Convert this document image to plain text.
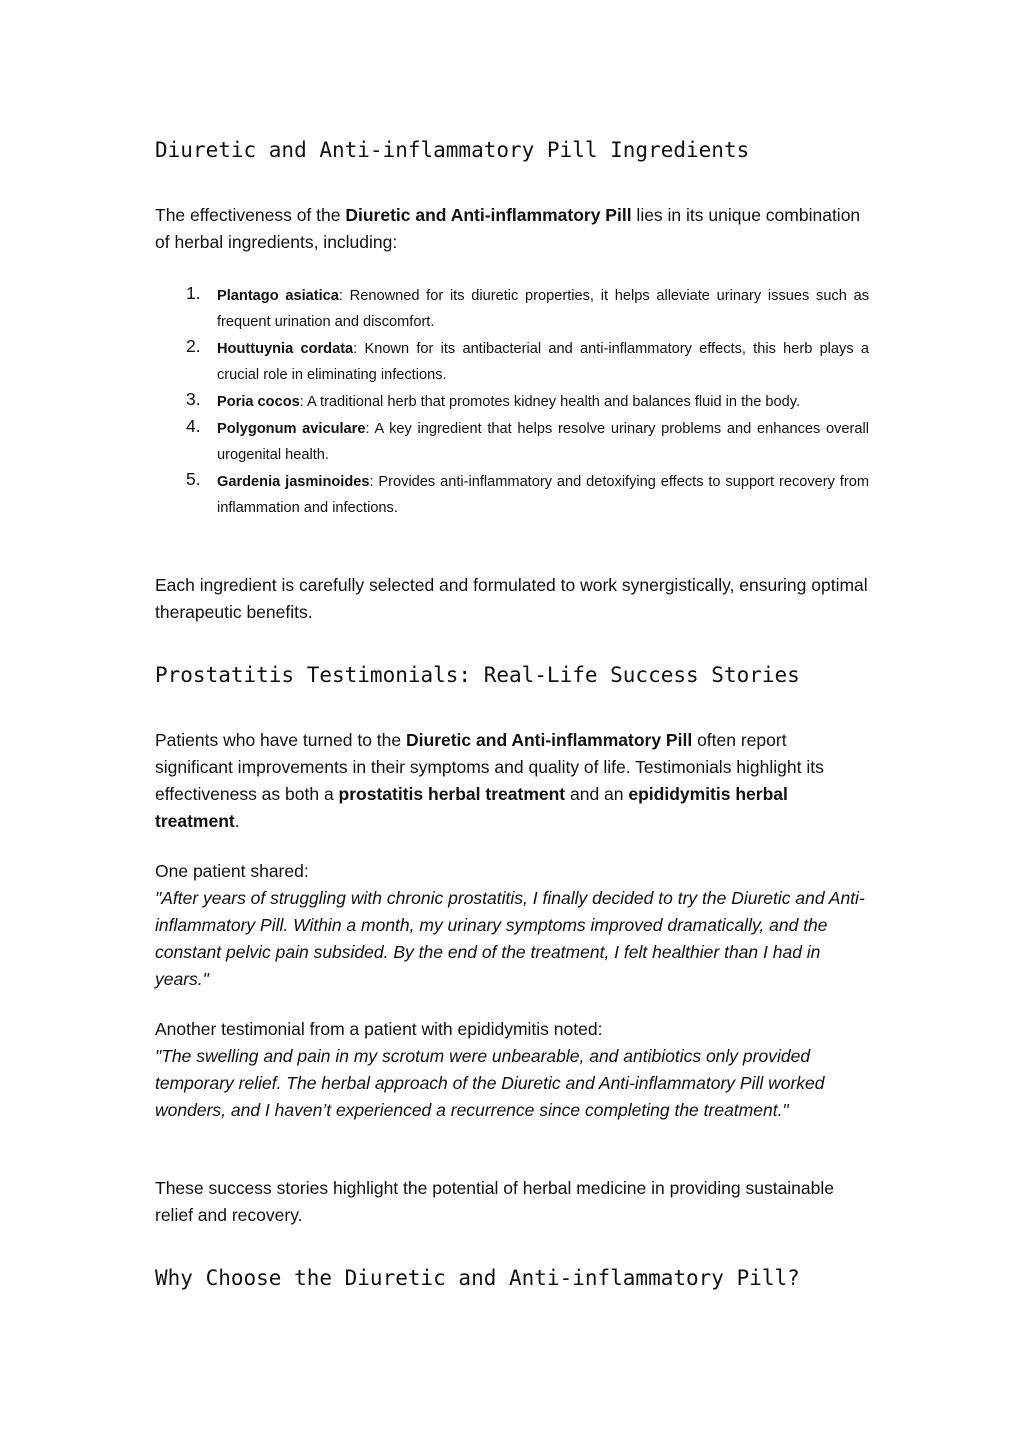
Diuretic and Anti-inflammatory Pill Ingredients

The effectiveness of the Diuretic and Anti-inflammatory Pill lies in its unique combination of herbal ingredients, including:

1. Plantago asiatica: Renowned for its diuretic properties, it helps alleviate urinary issues such as frequent urination and discomfort.
2. Houttuynia cordata: Known for its antibacterial and anti-inflammatory effects, this herb plays a crucial role in eliminating infections.
3. Poria cocos: A traditional herb that promotes kidney health and balances fluid in the body.
4. Polygonum aviculare: A key ingredient that helps resolve urinary problems and enhances overall urogenital health.
5. Gardenia jasminoides: Provides anti-inflammatory and detoxifying effects to support recovery from inflammation and infections.

Each ingredient is carefully selected and formulated to work synergistically, ensuring optimal therapeutic benefits.

Prostatitis Testimonials: Real-Life Success Stories

Patients who have turned to the Diuretic and Anti-inflammatory Pill often report significant improvements in their symptoms and quality of life. Testimonials highlight its effectiveness as both a prostatitis herbal treatment and an epididymitis herbal treatment.

One patient shared:
"After years of struggling with chronic prostatitis, I finally decided to try the Diuretic and Anti-inflammatory Pill. Within a month, my urinary symptoms improved dramatically, and the constant pelvic pain subsided. By the end of the treatment, I felt healthier than I had in years."

Another testimonial from a patient with epididymitis noted:
"The swelling and pain in my scrotum were unbearable, and antibiotics only provided temporary relief. The herbal approach of the Diuretic and Anti-inflammatory Pill worked wonders, and I haven’t experienced a recurrence since completing the treatment."

These success stories highlight the potential of herbal medicine in providing sustainable relief and recovery.

Why Choose the Diuretic and Anti-inflammatory Pill?
